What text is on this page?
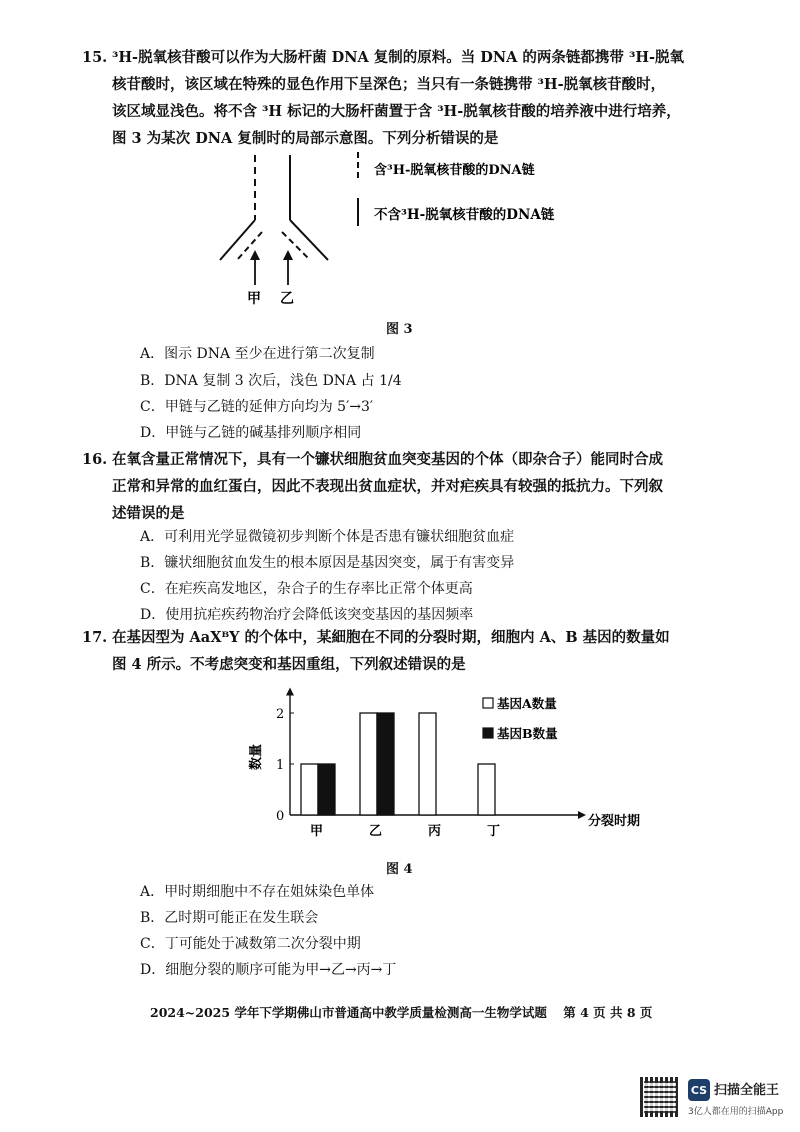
15. ³H-脱氧核苷酸可以作为大肠杆菌 DNA 复制的原料。当 DNA 的两条链都携带 ³H-脱氧
核苷酸时，该区域在特殊的显色作用下呈深色；当只有一条链携带 ³H-脱氧核苷酸时，
该区域显浅色。将不含 ³H 标记的大肠杆菌置于含 ³H-脱氧核苷酸的培养液中进行培养，
图 3 为某次 DNA 复制时的局部示意图。下列分析错误的是
甲 乙
含³H-脱氧核苷酸的DNA链
不含³H-脱氧核苷酸的DNA链
图 3
A．图示 DNA 至少在进行第二次复制
B．DNA 复制 3 次后，浅色 DNA 占 1/4
C．甲链与乙链的延伸方向均为 5′→3′
D．甲链与乙链的碱基排列顺序相同
16. 在氧含量正常情况下，具有一个镰状细胞贫血突变基因的个体（即杂合子）能同时合成
正常和异常的血红蛋白，因此不表现出贫血症状，并对疟疾具有较强的抵抗力。下列叙
述错误的是
A．可利用光学显微镜初步判断个体是否患有镰状细胞贫血症
B．镰状细胞贫血发生的根本原因是基因突变，属于有害变异
C．在疟疾高发地区，杂合子的生存率比正常个体更高
D．使用抗疟疾药物治疗会降低该突变基因的基因频率
17. 在基因型为 AaXᴮY 的个体中，某細胞在不同的分裂时期，细胞内 A、B 基因的数量如
图 4 所示。不考虑突变和基因重组，下列叙述错误的是
0
1
2
数量
分裂时期
甲	乙	丙	丁
基因A数量
基因B数量
图 4
A．甲时期细胞中不存在姐妹染色单体
B．乙时期可能正在发生联会
C．丁可能处于减数第二次分裂中期
D．细胞分裂的顺序可能为甲→乙→丙→丁
2024~2025 学年下学期佛山市普通高中教学质量检测高一生物学试题 第 4 页 共 8 页
CS 扫描全能王
3亿人都在用的扫描App
